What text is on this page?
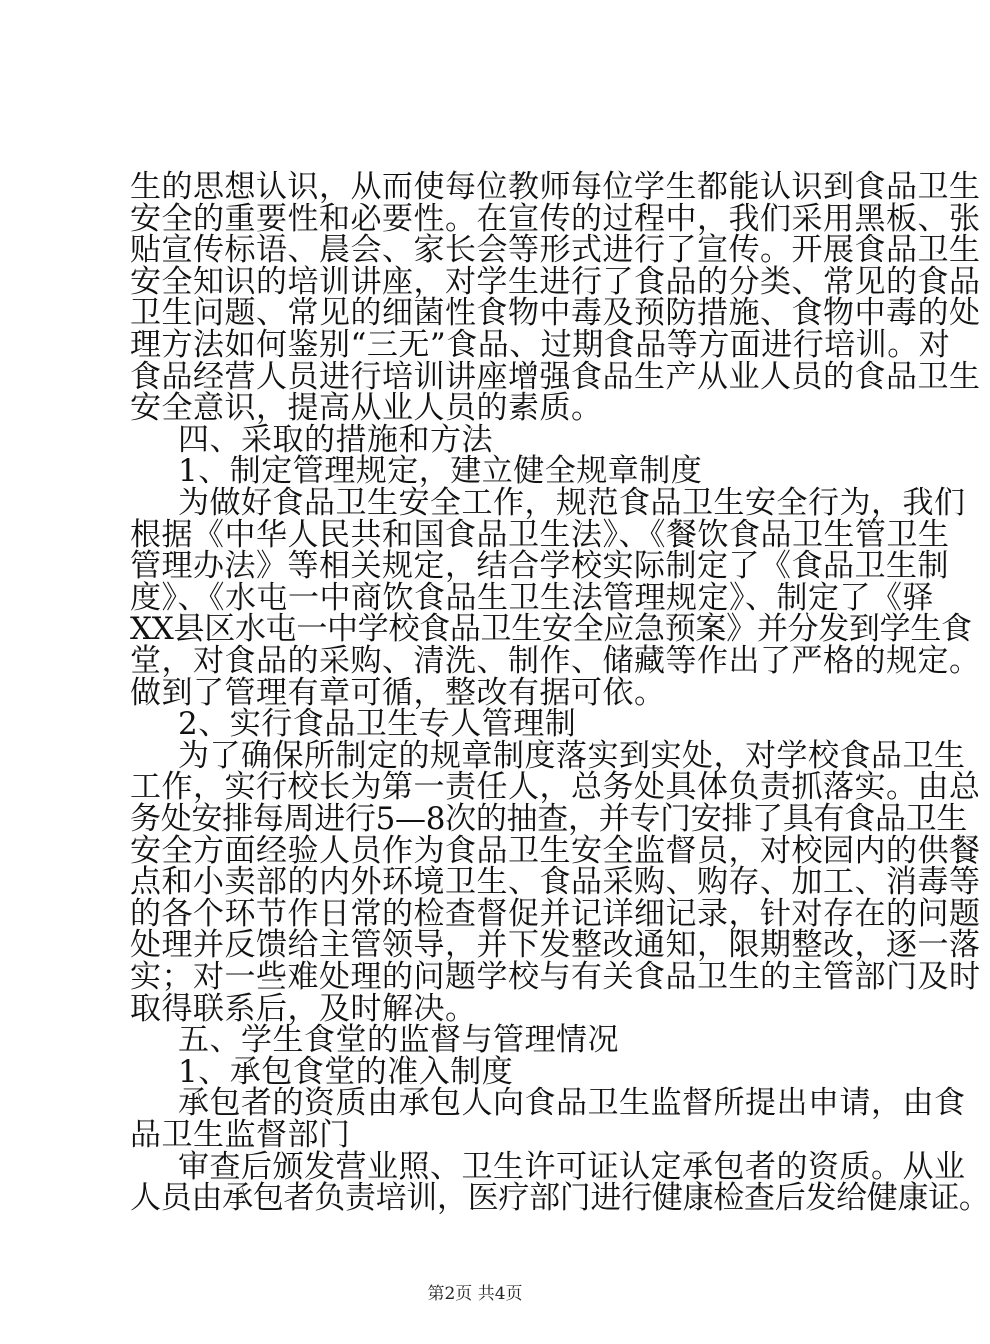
生的思想认识，从而使每位教师每位学生都能认识到食品卫生
安全的重要性和必要性。在宣传的过程中，我们采用黑板、张
贴宣传标语、晨会、家长会等形式进行了宣传。开展食品卫生
安全知识的培训讲座，对学生进行了食品的分类、常见的食品
卫生问题、常见的细菌性食物中毒及预防措施、食物中毒的处
理方法如何鉴别“三无”食品、过期食品等方面进行培训。对
食品经营人员进行培训讲座增强食品生产从业人员的食品卫生
安全意识，提高从业人员的素质。
四、采取的措施和方法
1、制定管理规定，建立健全规章制度
为做好食品卫生安全工作，规范食品卫生安全行为，我们
根据《中华人民共和国食品卫生法》、《餐饮食品卫生管卫生
管理办法》等相关规定，结合学校实际制定了《食品卫生制
度》、《水屯一中商饮食品生卫生法管理规定》、制定了《驿
XX县区水屯一中学校食品卫生安全应急预案》并分发到学生食
堂，对食品的采购、清洗、制作、储藏等作出了严格的规定。
做到了管理有章可循，整改有据可依。
2、实行食品卫生专人管理制
为了确保所制定的规章制度落实到实处，对学校食品卫生
工作，实行校长为第一责任人，总务处具体负责抓落实。由总
务处安排每周进行5—8次的抽查，并专门安排了具有食品卫生
安全方面经验人员作为食品卫生安全监督员，对校园内的供餐
点和小卖部的内外环境卫生、食品采购、购存、加工、消毒等
的各个环节作日常的检查督促并记详细记录，针对存在的问题
处理并反馈给主管领导，并下发整改通知，限期整改，逐一落
实；对一些难处理的问题学校与有关食品卫生的主管部门及时
取得联系后，及时解决。
五、学生食堂的监督与管理情况
1、承包食堂的准入制度
承包者的资质由承包人向食品卫生监督所提出申请，由食
品卫生监督部门
审查后颁发营业照、卫生许可证认定承包者的资质。从业
人员由承包者负责培训，医疗部门进行健康检查后发给健康证。
第2页 共4页
